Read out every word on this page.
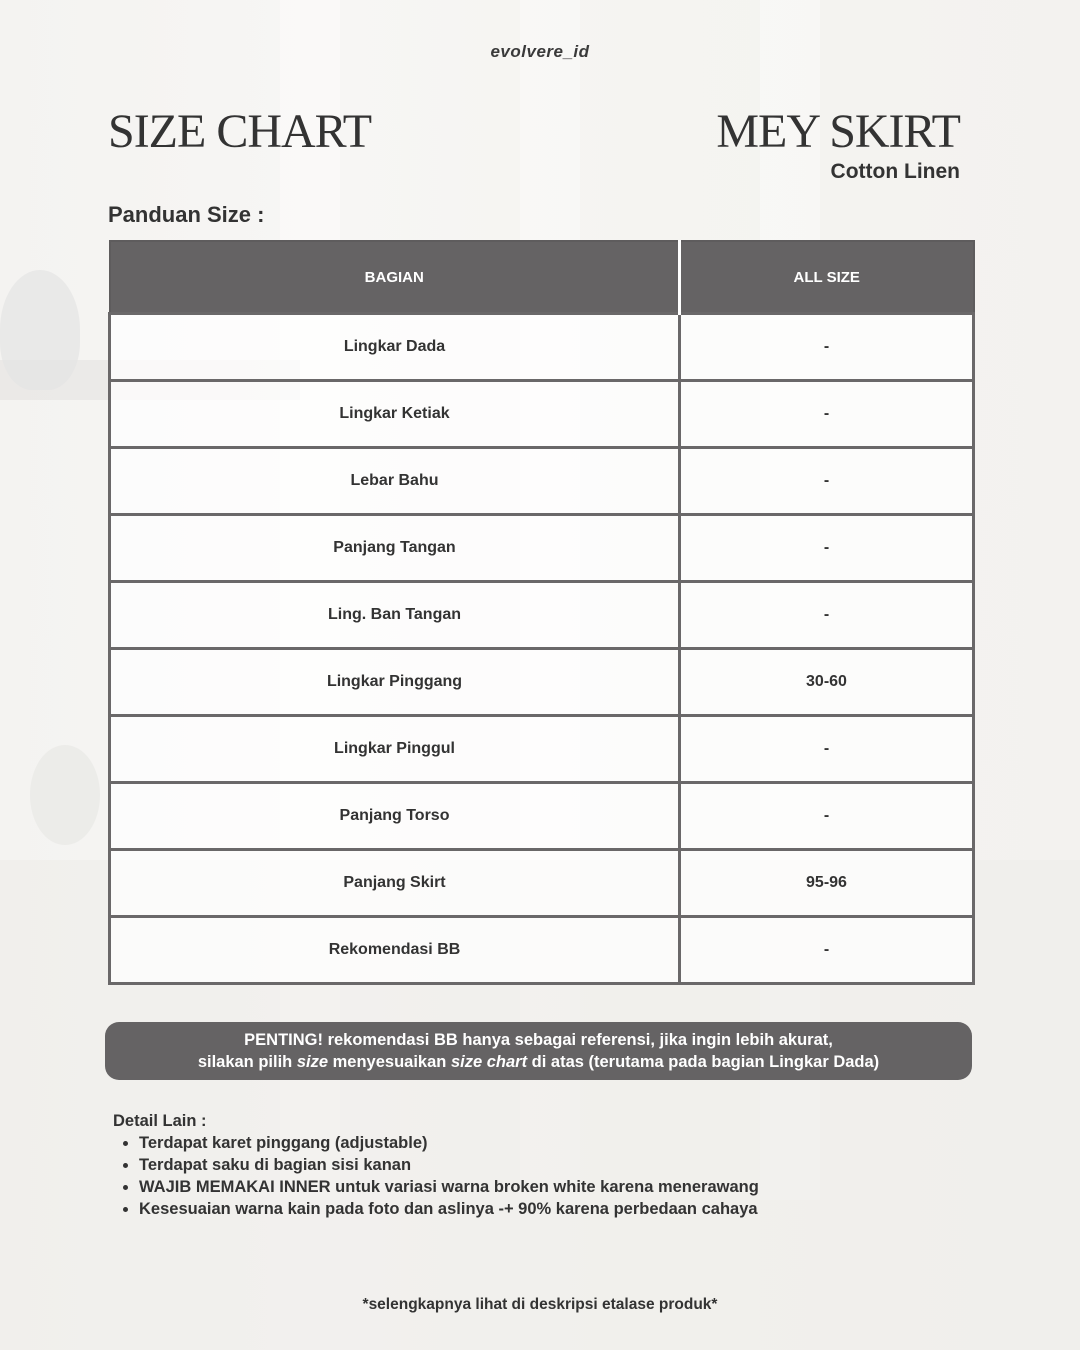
evolvere_id
SIZE CHART	MEY SKIRT
Cotton Linen
Panduan Size :
BAGIAN	ALL SIZE
Lingkar Dada	-
Lingkar Ketiak	-
Lebar Bahu	-
Panjang Tangan	-
Ling. Ban Tangan	-
Lingkar Pinggang	30-60
Lingkar Pinggul	-
Panjang Torso	-
Panjang Skirt	95-96
Rekomendasi BB	-
PENTING! rekomendasi BB hanya sebagai referensi, jika ingin lebih akurat,
silakan pilih size menyesuaikan size chart di atas (terutama pada bagian Lingkar Dada)
Detail Lain :
• Terdapat karet pinggang (adjustable)
• Terdapat saku di bagian sisi kanan
• WAJIB MEMAKAI INNER untuk variasi warna broken white karena menerawang
• Kesesuaian warna kain pada foto dan aslinya -+ 90% karena perbedaan cahaya
*selengkapnya lihat di deskripsi etalase produk*
